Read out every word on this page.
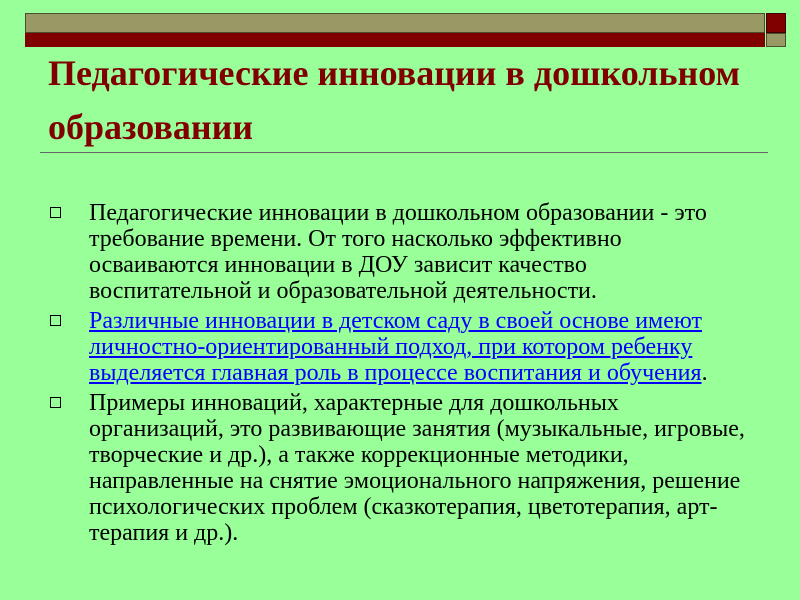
Педагогические инновации в дошкольном образовании
Педагогические инновации в дошкольном образовании - это требование времени. От того насколько эффективно осваиваются инновации в ДОУ зависит качество воспитательной и образовательной деятельности.
Различные инновации в детском саду в своей основе имеют личностно-ориентированный подход, при котором ребенку выделяется главная роль в процессе воспитания и обучения.
Примеры инноваций, характерные для дошкольных организаций, это развивающие занятия (музыкальные, игровые, творческие и др.), а также коррекционные методики, направленные на снятие эмоционального напряжения, решение психологических проблем (сказкотерапия, цветотерапия, арт-терапия и др.).
